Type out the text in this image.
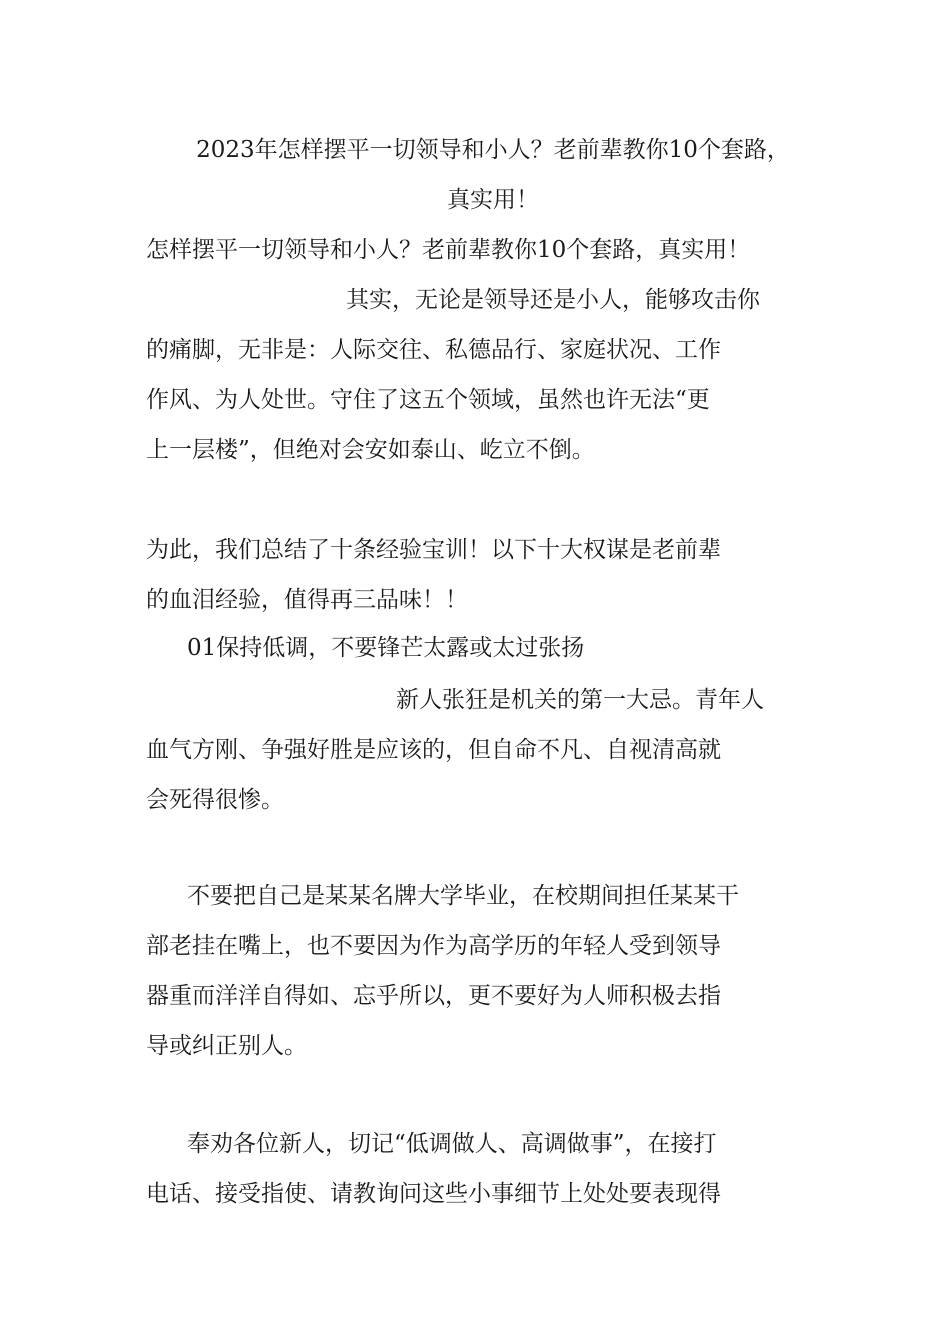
2023年怎样摆平一切领导和小人？老前辈教你10个套路，

真实用！

怎样摆平一切领导和小人？老前辈教你10个套路，真实用！

其实，无论是领导还是小人，能够攻击你

的痛脚，无非是：人际交往、私德品行、家庭状况、工作

作风、为人处世。守住了这五个领域，虽然也许无法“更

上一层楼”，但绝对会安如泰山、屹立不倒。

为此，我们总结了十条经验宝训！以下十大权谋是老前辈

的血泪经验，值得再三品味！！

01保持低调，不要锋芒太露或太过张扬

新人张狂是机关的第一大忌。青年人

血气方刚、争强好胜是应该的，但自命不凡、自视清高就

会死得很惨。

不要把自己是某某名牌大学毕业，在校期间担任某某干

部老挂在嘴上，也不要因为作为高学历的年轻人受到领导

器重而洋洋自得如、忘乎所以，更不要好为人师积极去指

导或纠正别人。

奉劝各位新人，切记“低调做人、高调做事”，在接打

电话、接受指使、请教询问这些小事细节上处处要表现得
